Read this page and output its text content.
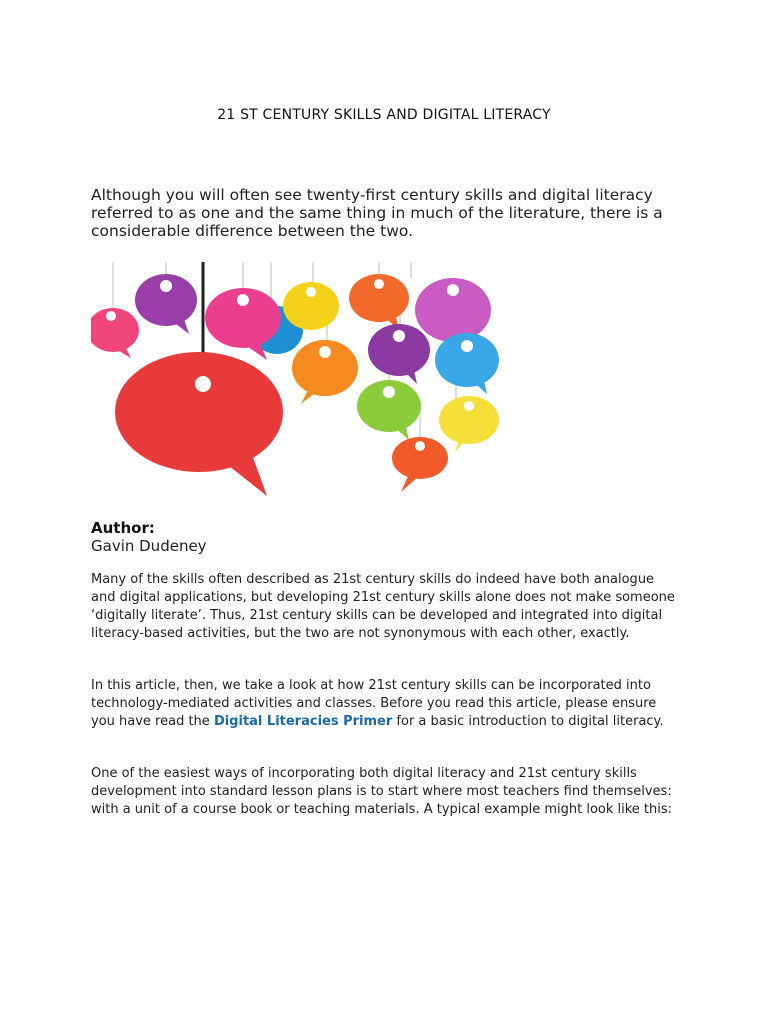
21 ST CENTURY SKILLS AND DIGITAL LITERACY
Although you will often see twenty-first century skills and digital literacy referred to as one and the same thing in much of the literature, there is a considerable difference between the two.
Author:
Gavin Dudeney
Many of the skills often described as 21st century skills do indeed have both analogue and digital applications, but developing 21st century skills alone does not make someone ‘digitally literate’. Thus, 21st century skills can be developed and integrated into digital literacy-based activities, but the two are not synonymous with each other, exactly.
In this article, then, we take a look at how 21st century skills can be incorporated into technology-mediated activities and classes. Before you read this article, please ensure you have read the Digital Literacies Primer for a basic introduction to digital literacy.
One of the easiest ways of incorporating both digital literacy and 21st century skills development into standard lesson plans is to start where most teachers find themselves: with a unit of a course book or teaching materials. A typical example might look like this:
